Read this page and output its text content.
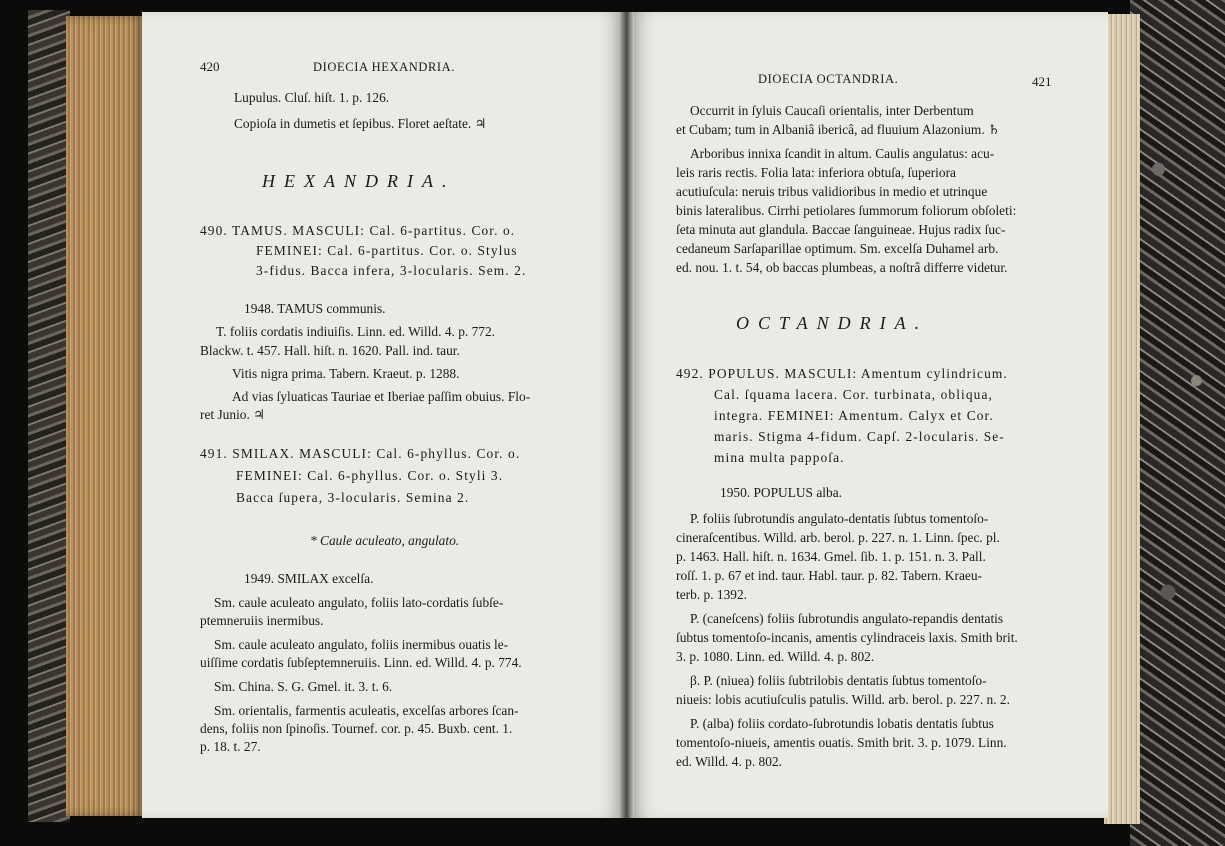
420	DIOECIA HEXANDRIA.
Lupulus. Cluſ. hiſt. 1. p. 126.
Copioſa in dumetis et ſepibus. Floret aeſtate. ♃
HEXANDRIA.
490. TAMUS. MASCULI: Cal. 6-partitus. Cor. o.
FEMINEI: Cal. 6-partitus. Cor. o. Stylus
3-fidus. Bacca infera, 3-locularis. Sem. 2.
1948. TAMUS communis.
T. foliis cordatis indiuiſis. Linn. ed. Willd. 4. p. 772.
Blackw. t. 457. Hall. hiſt. n. 1620. Pall. ind. taur.
Vitis nigra prima. Tabern. Kraeut. p. 1288.
Ad vias ſyluaticas Tauriae et Iberiae paſſim obuius. Flo-
ret Junio. ♃
491. SMILAX. MASCULI: Cal. 6-phyllus. Cor. o.
FEMINEI: Cal. 6-phyllus. Cor. o. Styli 3.
Bacca ſupera, 3-locularis. Semina 2.
* Caule aculeato, angulato.
1949. SMILAX excelſa.
Sm. caule aculeato angulato, foliis lato-cordatis ſubſe-
ptemneruiis inermibus.
Sm. caule aculeato angulato, foliis inermibus ouatis le-
uiſſime cordatis ſubſeptemneruiis. Linn. ed. Willd. 4. p. 774.
Sm. China. S. G. Gmel. it. 3. t. 6.
Sm. orientalis, farmentis aculeatis, excelſas arbores ſcan-
dens, foliis non ſpinoſis. Tournef. cor. p. 45. Buxb. cent. 1.
p. 18. t. 27.
DIOECIA OCTANDRIA.	421
Occurrit in ſyluis Caucaſi orientalis, inter Derbentum
et Cubam; tum in Albaniâ ibericâ, ad fluuium Alazonium. ♄
Arboribus innixa ſcandit in altum. Caulis angulatus: acu-
leis raris rectis. Folia lata: inferiora obtuſa, ſuperiora
acutiuſcula: neruis tribus validioribus in medio et utrinque
binis lateralibus. Cirrhi petiolares ſummorum foliorum obſoleti:
ſeta minuta aut glandula. Baccae ſanguineae. Hujus radix ſuc-
cedaneum Sarſaparillae optimum. Sm. excelſa Duhamel arb.
ed. nou. 1. t. 54, ob baccas plumbeas, a noſtrâ differre videtur.
OCTANDRIA.
492. POPULUS. MASCULI: Amentum cylindricum.
Cal. ſquama lacera. Cor. turbinata, obliqua,
integra. FEMINEI: Amentum. Calyx et Cor.
maris. Stigma 4-fidum. Capſ. 2-locularis. Se-
mina multa pappoſa.
1950. POPULUS alba.
P. foliis ſubrotundis angulato-dentatis ſubtus tomentoſo-
cineraſcentibus. Willd. arb. berol. p. 227. n. 1. Linn. ſpec. pl.
p. 1463. Hall. hiſt. n. 1634. Gmel. ſib. 1. p. 151. n. 3. Pall.
roſſ. 1. p. 67 et ind. taur. Habl. taur. p. 82. Tabern. Kraeu-
terb. p. 1392.
P. (caneſcens) foliis ſubrotundis angulato-repandis dentatis
ſubtus tomentoſo-incanis, amentis cylindraceis laxis. Smith brit.
3. p. 1080. Linn. ed. Willd. 4. p. 802.
β. P. (niuea) foliis ſubtrilobis dentatis ſubtus tomentoſo-
niueis: lobis acutiuſculis patulis. Willd. arb. berol. p. 227. n. 2.
P. (alba) foliis cordato-ſubrotundis lobatis dentatis ſubtus
tomentoſo-niueis, amentis ouatis. Smith brit. 3. p. 1079. Linn.
ed. Willd. 4. p. 802.
